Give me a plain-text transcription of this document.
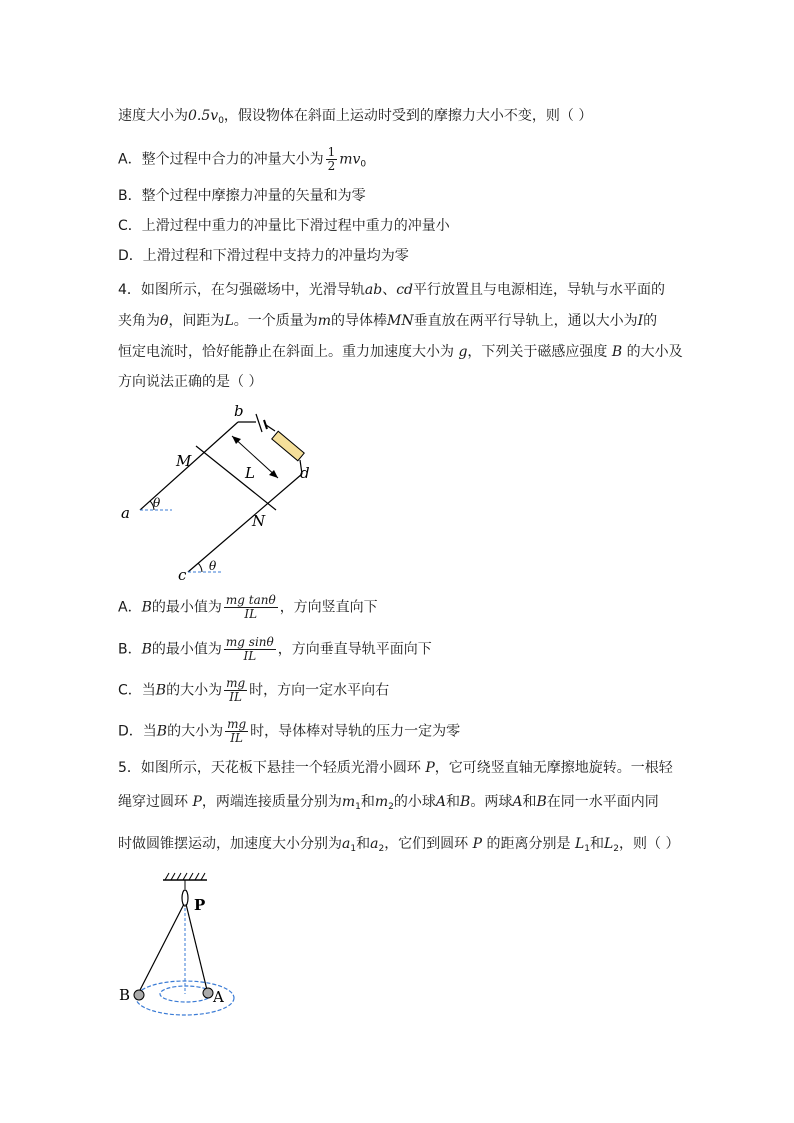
速度大小为$0.5v_0$，假设物体在斜面上运动时受到的摩擦力大小不变，则（ ）
A．整个过程中合力的冲量大小为 $\frac{1}{2} mv_0$
B．整个过程中摩擦力冲量的矢量和为零
C．上滑过程中重力的冲量比下滑过程中重力的冲量小
D．上滑过程和下滑过程中支持力的冲量均为零
4．如图所示，在匀强磁场中，光滑导轨ab、cd平行放置且与电源相连，导轨与水平面的
夹角为θ，间距为L。一个质量为m的导体棒MN垂直放在两平行导轨上，通以大小为I的
恒定电流时，恰好能静止在斜面上。重力加速度大小为 g，下列关于磁感应强度 B 的大小及
方向说法正确的是（ ）
b
M
L	d
a
θ
N
θ
c
A．B的最小值为 $\frac{\text{mg tanθ}}{IL}$ ，方向竖直向下
B．B的最小值为 $\frac{\text{mg sinθ}}{IL}$ ，方向垂直导轨平面向下
C．当B的大小为 $\frac{mg}{IL}$ 时，方向一定水平向右
D．当B的大小为 $\frac{mg}{IL}$ 时，导体棒对导轨的压力一定为零
5．如图所示，天花板下悬挂一个轻质光滑小圆环 P，它可绕竖直轴无摩擦地旋转。一根轻
绳穿过圆环 P，两端连接质量分别为$m_1$和$m_2$的小球A和B。两球A和B在同一水平面内同
时做圆锥摆运动，加速度大小分别为$a_1$和$a_2$，它们到圆环 P 的距离分别是 $L_1$和$L_2$，则（ ）
P
B	A
